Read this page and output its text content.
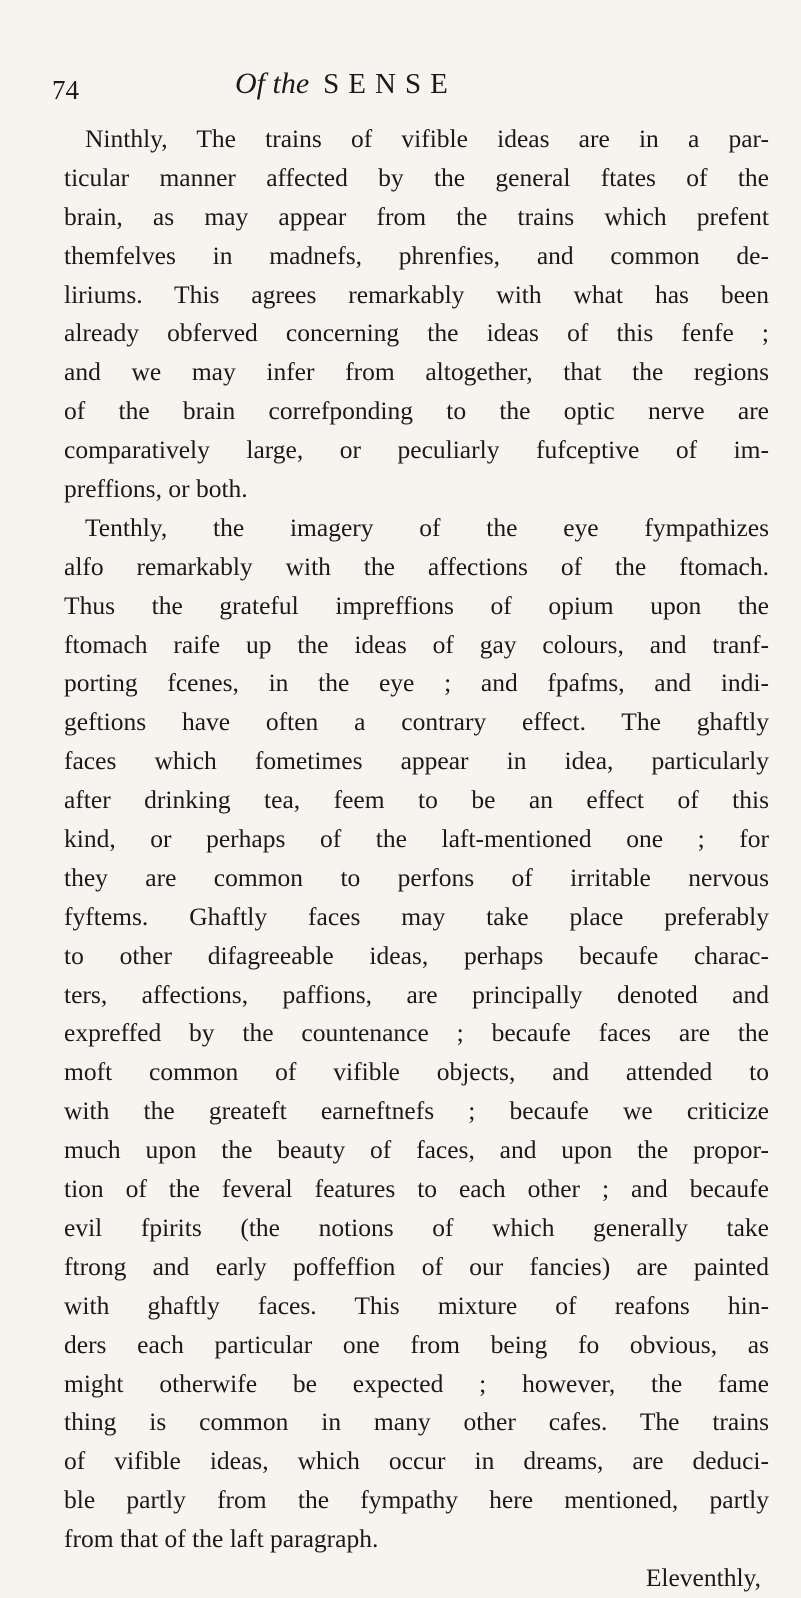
74	Of the SENSE
Ninthly, The trains of vifible ideas are in a par-
ticular manner affected by the general ftates of the
brain, as may appear from the trains which prefent
themfelves in madnefs, phrenfies, and common de-
liriums. This agrees remarkably with what has been
already obferved concerning the ideas of this fenfe ;
and we may infer from altogether, that the regions
of the brain correfponding to the optic nerve are
comparatively large, or peculiarly fufceptive of im-
preffions, or both.
Tenthly, the imagery of the eye fympathizes
alfo remarkably with the affections of the ftomach.
Thus the grateful impreffions of opium upon the
ftomach raife up the ideas of gay colours, and tranf-
porting fcenes, in the eye ; and fpafms, and indi-
geftions have often a contrary effect. The ghaftly
faces which fometimes appear in idea, particularly
after drinking tea, feem to be an effect of this
kind, or perhaps of the laft-mentioned one ; for
they are common to perfons of irritable nervous
fyftems. Ghaftly faces may take place preferably
to other difagreeable ideas, perhaps becaufe charac-
ters, affections, paffions, are principally denoted and
expreffed by the countenance ; becaufe faces are the
moft common of vifible objects, and attended to
with the greateft earneftnefs ; becaufe we criticize
much upon the beauty of faces, and upon the propor-
tion of the feveral features to each other ; and becaufe
evil fpirits (the notions of which generally take
ftrong and early poffeffion of our fancies) are painted
with ghaftly faces. This mixture of reafons hin-
ders each particular one from being fo obvious, as
might otherwife be expected ; however, the fame
thing is common in many other cafes. The trains
of vifible ideas, which occur in dreams, are deduci-
ble partly from the fympathy here mentioned, partly
from that of the laft paragraph.
Eleventhly,
